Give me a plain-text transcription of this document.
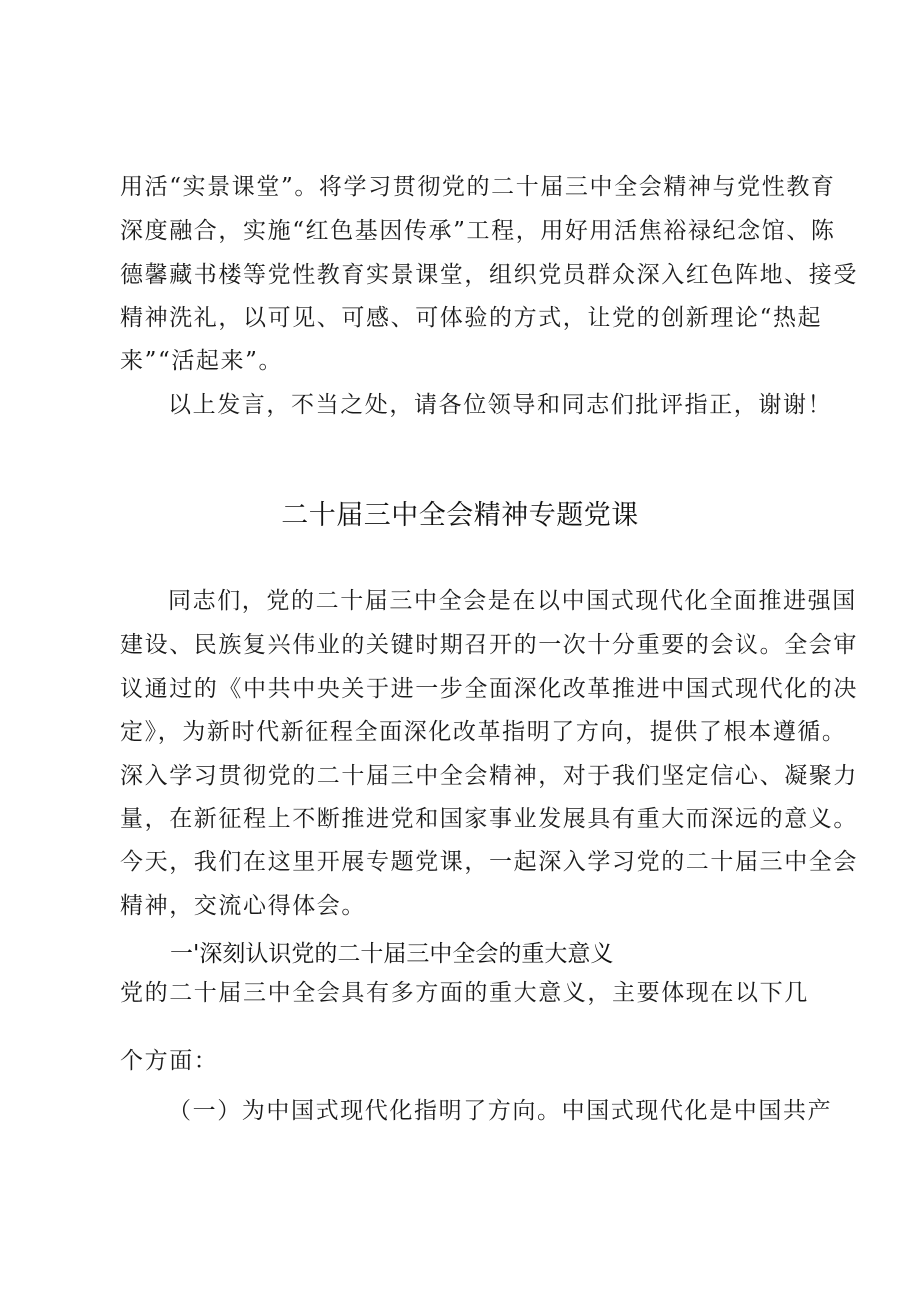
用活“实景课堂”。将学习贯彻党的二十届三中全会精神与党性教育
深度融合，实施“红色基因传承”工程，用好用活焦裕禄纪念馆、陈
德馨藏书楼等党性教育实景课堂，组织党员群众深入红色阵地、接受
精神洗礼，以可见、可感、可体验的方式，让党的创新理论“热起
来”“活起来”。
以上发言，不当之处，请各位领导和同志们批评指正，谢谢！
二十届三中全会精神专题党课
同志们，党的二十届三中全会是在以中国式现代化全面推进强国
建设、民族复兴伟业的关键时期召开的一次十分重要的会议。全会审
议通过的《中共中央关于进一步全面深化改革推进中国式现代化的决
定》，为新时代新征程全面深化改革指明了方向，提供了根本遵循。
深入学习贯彻党的二十届三中全会精神，对于我们坚定信心、凝聚力
量，在新征程上不断推进党和国家事业发展具有重大而深远的意义。
今天，我们在这里开展专题党课，一起深入学习党的二十届三中全会
精神，交流心得体会。
一'深刻认识党的二十届三中全会的重大意义
党的二十届三中全会具有多方面的重大意义，主要体现在以下几
个方面：
（一）为中国式现代化指明了方向。中国式现代化是中国共产
